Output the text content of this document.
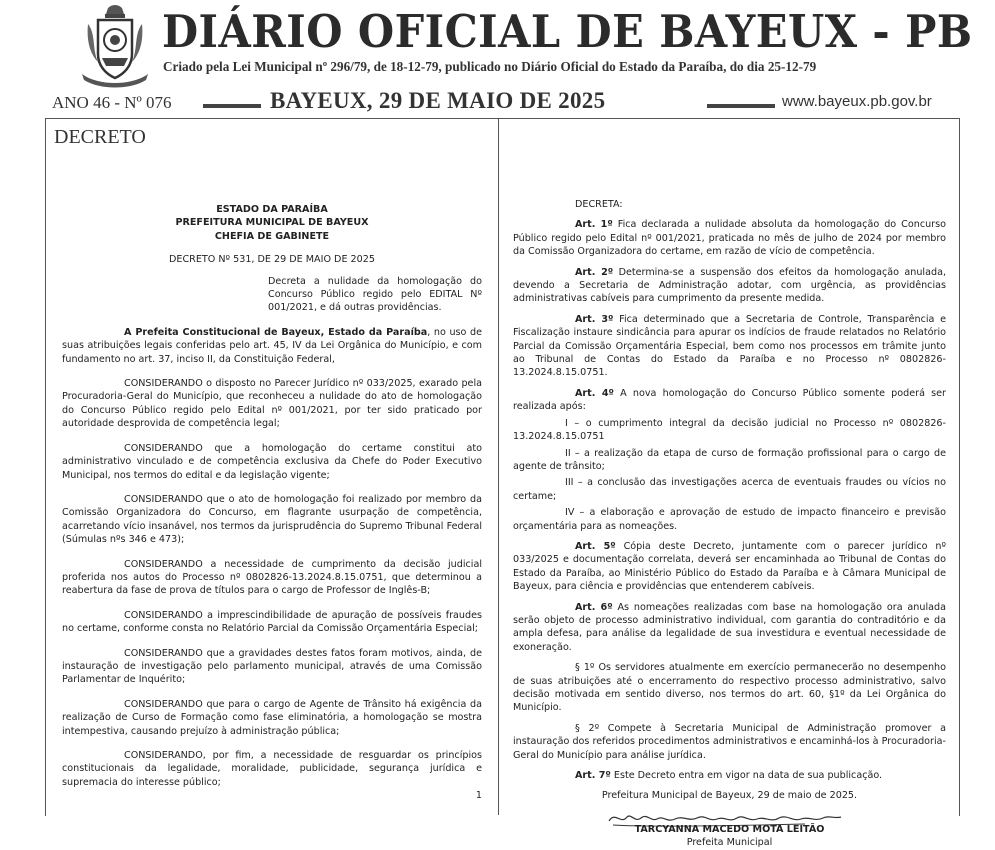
DIÁRIO OFICIAL DE BAYEUX - PB
Criado pela Lei Municipal nº 296/79, de 18-12-79, publicado no Diário Oficial do Estado da Paraíba, do dia 25-12-79
ANO 46 - Nº 076	BAYEUX, 29 DE MAIO DE 2025	www.bayeux.pb.gov.br
DECRETO
ESTADO DA PARAÍBA
PREFEITURA MUNICIPAL DE BAYEUX
CHEFIA DE GABINETE
DECRETO Nº 531, DE 29 DE MAIO DE 2025
Decreta a nulidade da homologação do Concurso Público regido pelo EDITAL Nº 001/2021, e dá outras providências.
A Prefeita Constitucional de Bayeux, Estado da Paraíba, no uso de suas atribuições legais conferidas pelo art. 45, IV da Lei Orgânica do Município, e com fundamento no art. 37, inciso II, da Constituição Federal,
CONSIDERANDO o disposto no Parecer Jurídico nº 033/2025, exarado pela Procuradoria-Geral do Município, que reconheceu a nulidade do ato de homologação do Concurso Público regido pelo Edital nº 001/2021, por ter sido praticado por autoridade desprovida de competência legal;
CONSIDERANDO que a homologação do certame constitui ato administrativo vinculado e de competência exclusiva da Chefe do Poder Executivo Municipal, nos termos do edital e da legislação vigente;
CONSIDERANDO que o ato de homologação foi realizado por membro da Comissão Organizadora do Concurso, em flagrante usurpação de competência, acarretando vício insanável, nos termos da jurisprudência do Supremo Tribunal Federal (Súmulas nºs 346 e 473);
CONSIDERANDO a necessidade de cumprimento da decisão judicial proferida nos autos do Processo nº 0802826-13.2024.8.15.0751, que determinou a reabertura da fase de prova de títulos para o cargo de Professor de Inglês-B;
CONSIDERANDO a imprescindibilidade de apuração de possíveis fraudes no certame, conforme consta no Relatório Parcial da Comissão Orçamentária Especial;
CONSIDERANDO que a gravidades destes fatos foram motivos, ainda, de instauração de investigação pelo parlamento municipal, através de uma Comissão Parlamentar de Inquérito;
CONSIDERANDO que para o cargo de Agente de Trânsito há exigência da realização de Curso de Formação como fase eliminatória, a homologação se mostra intempestiva, causando prejuízo à administração pública;
CONSIDERANDO, por fim, a necessidade de resguardar os princípios constitucionais da legalidade, moralidade, publicidade, segurança jurídica e supremacia do interesse público;
1
DECRETA:
Art. 1º Fica declarada a nulidade absoluta da homologação do Concurso Público regido pelo Edital nº 001/2021, praticada no mês de julho de 2024 por membro da Comissão Organizadora do certame, em razão de vício de competência.
Art. 2º Determina-se a suspensão dos efeitos da homologação anulada, devendo a Secretaria de Administração adotar, com urgência, as providências administrativas cabíveis para cumprimento da presente medida.
Art. 3º Fica determinado que a Secretaria de Controle, Transparência e Fiscalização instaure sindicância para apurar os indícios de fraude relatados no Relatório Parcial da Comissão Orçamentária Especial, bem como nos processos em trâmite junto ao Tribunal de Contas do Estado da Paraíba e no Processo nº 0802826-13.2024.8.15.0751.
Art. 4º A nova homologação do Concurso Público somente poderá ser realizada após:
I – o cumprimento integral da decisão judicial no Processo nº 0802826-13.2024.8.15.0751
II – a realização da etapa de curso de formação profissional para o cargo de agente de trânsito;
III – a conclusão das investigações acerca de eventuais fraudes ou vícios no certame;
IV – a elaboração e aprovação de estudo de impacto financeiro e previsão orçamentária para as nomeações.
Art. 5º Cópia deste Decreto, juntamente com o parecer jurídico nº 033/2025 e documentação correlata, deverá ser encaminhada ao Tribunal de Contas do Estado da Paraíba, ao Ministério Público do Estado da Paraíba e à Câmara Municipal de Bayeux, para ciência e providências que entenderem cabíveis.
Art. 6º As nomeações realizadas com base na homologação ora anulada serão objeto de processo administrativo individual, com garantia do contraditório e da ampla defesa, para análise da legalidade de sua investidura e eventual necessidade de exoneração.
§ 1º Os servidores atualmente em exercício permanecerão no desempenho de suas atribuições até o encerramento do respectivo processo administrativo, salvo decisão motivada em sentido diverso, nos termos do art. 60, §1º da Lei Orgânica do Município.
§ 2º Compete à Secretaria Municipal de Administração promover a instauração dos referidos procedimentos administrativos e encaminhá-los à Procuradoria-Geral do Município para análise jurídica.
Art. 7º Este Decreto entra em vigor na data de sua publicação.
Prefeitura Municipal de Bayeux, 29 de maio de 2025.
TARCYANNA MACEDO MOTA LEITÃO
Prefeita Municipal
